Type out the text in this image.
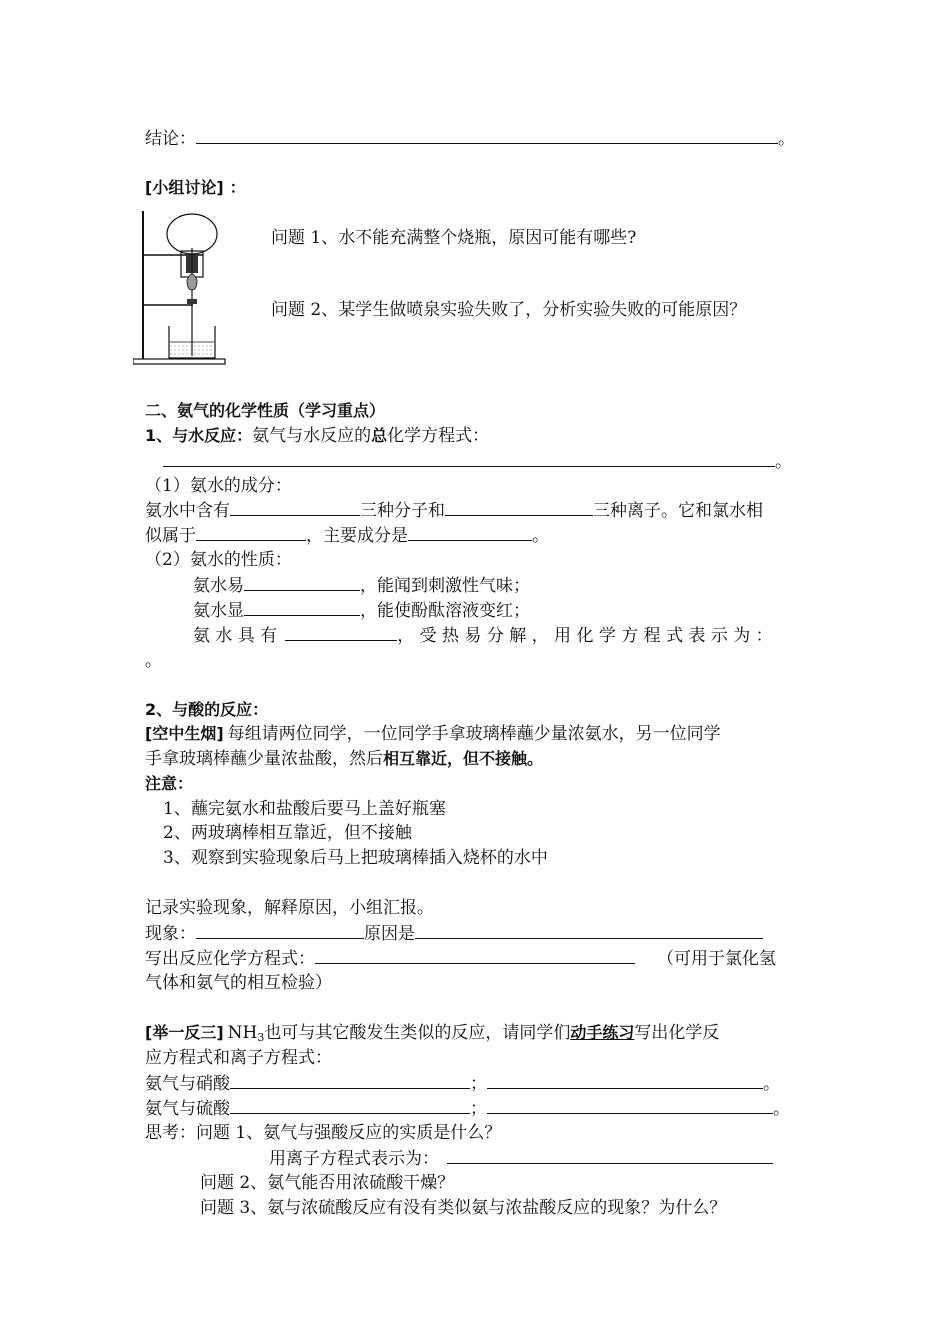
结论：	。
[小组讨论] ：
问题 1、水不能充满整个烧瓶，原因可能有哪些?
问题 2、某学生做喷泉实验失败了，分析实验失败的可能原因？
二、氨气的化学性质（学习重点）
1、与水反应：氨气与水反应的总化学方程式：
。
（1）氨水的成分：
氨水中含有	三种分子和	三种离子。它和氯水相
似属于	，主要成分是	。
（2）氨水的性质：
氨水易	，能闻到刺激性气味；
氨水显	，能使酚酞溶液变红；
氨 水 具 有	， 受 热 易 分 解 ， 用 化 学 方 程 式 表 示 为 ：
。
2、与酸的反应：
[空中生烟] 每组请两位同学，一位同学手拿玻璃棒蘸少量浓氨水，另一位同学
手拿玻璃棒蘸少量浓盐酸，然后相互靠近，但不接触。
注意：
1、蘸完氨水和盐酸后要马上盖好瓶塞
2、两玻璃棒相互靠近，但不接触
3、观察到实验现象后马上把玻璃棒插入烧杯的水中
记录实验现象，解释原因，小组汇报。
现象：	原因是
写出反应化学方程式：	（可用于氯化氢
气体和氨气的相互检验）
[举一反三] $NH_3$也可与其它酸发生类似的反应，请同学们动手练习写出化学反
应方程式和离子方程式：
氨气与硝酸	；	。
氨气与硫酸	；	。
思考：问题 1、氨气与强酸反应的实质是什么？
用离子方程式表示为：
问题 2、氨气能否用浓硫酸干燥？
问题 3、氨与浓硫酸反应有没有类似氨与浓盐酸反应的现象？为什么？
